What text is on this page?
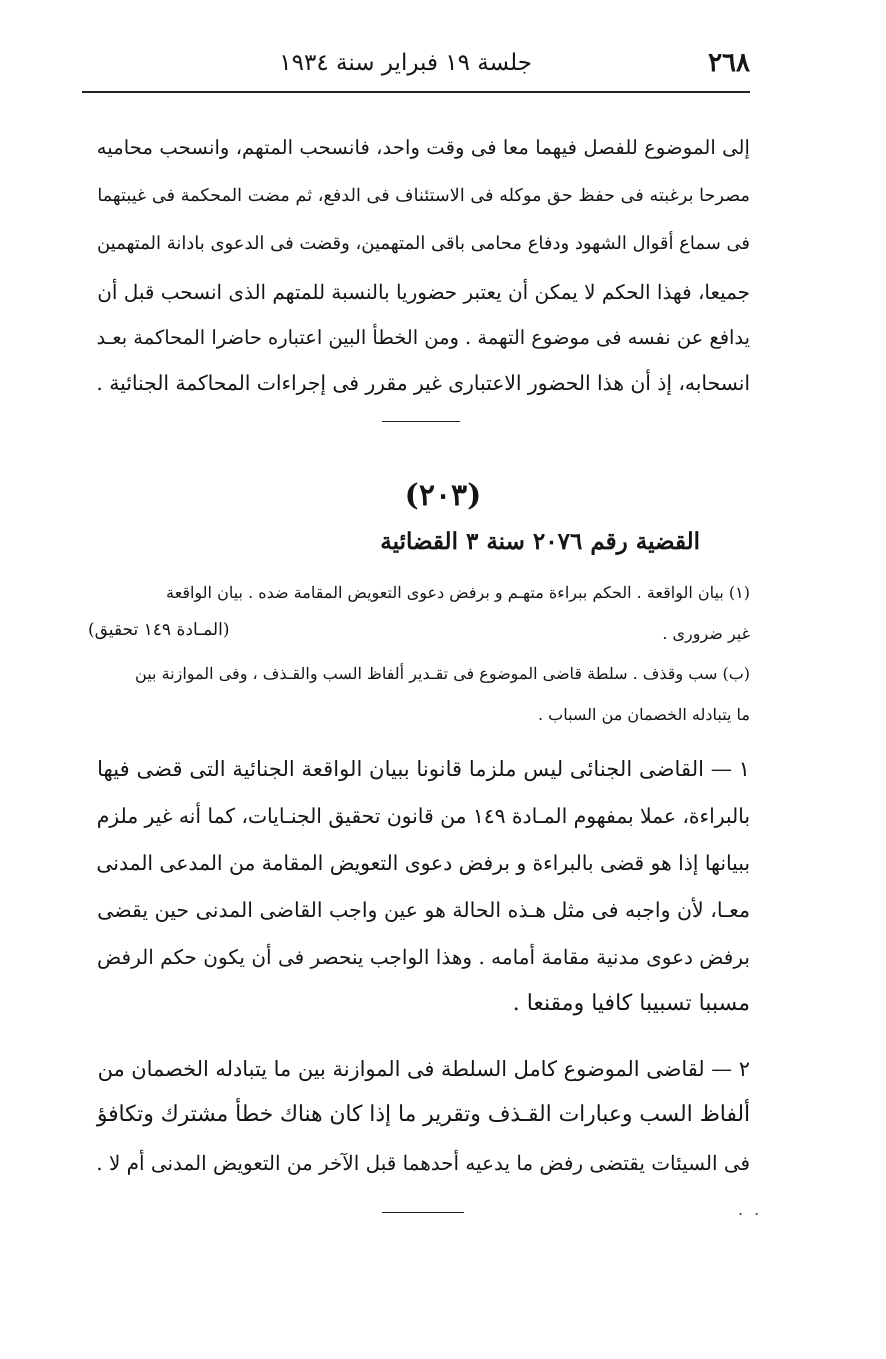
٢٦٨
جلسة ١٩ فبراير سنة ١٩٣٤
إلى الموضوع للفصل فيهما معا فى وقت واحد، فانسحب المتهم، وانسحب محاميه
مصرحا برغبته فى حفظ حق موكله فى الاستئناف فى الدفع، ثم مضت المحكمة فى غيبتهما
فى سماع أقوال الشهود ودفاع محامى باقى المتهمين، وقضت فى الدعوى بادانة المتهمين
جميعا، فهذا الحكم لا يمكن أن يعتبر حضوريا بالنسبة للمتهم الذى انسحب قبل أن
يدافع عن نفسه فى موضوع التهمة . ومن الخطأ البين اعتباره حاضرا المحاكمة بعـد
انسحابه، إذ أن هذا الحضور الاعتبارى غير مقرر فى إجراءات المحاكمة الجنائية .
(٢٠٣)
القضية رقم ٢٠٧٦ سنة ٣ القضائية
(١) بيان الواقعة . الحكم ببراءة متهـم و برفض دعوى التعويض المقامة ضده . بيان الواقعة
غير ضرورى .
(المـادة ١٤٩ تحقيق)
(ب) سب وقذف . سلطة قاضى الموضوع فى تقـدير ألفاظ السب والقـذف ، وفى الموازنة بين
ما يتبادله الخصمان من السباب .
١ — القاضى الجنائى ليس ملزما قانونا ببيان الواقعة الجنائية التى قضى فيها
بالبراءة، عملا بمفهوم المـادة ١٤٩ من قانون تحقيق الجنـايات، كما أنه غير ملزم
ببيانها إذا هو قضى بالبراءة و برفض دعوى التعويض المقامة من المدعى المدنى
معـا، لأن واجبه فى مثل هـذه الحالة هو عين واجب القاضى المدنى حين يقضى
برفض دعوى مدنية مقامة أمامه . وهذا الواجب ينحصر فى أن يكون حكم الرفض
مسببا تسبيبا كافيا ومقنعا .
٢ — لقاضى الموضوع كامل السلطة فى الموازنة بين ما يتبادله الخصمان من
ألفاظ السب وعبارات القـذف وتقرير ما إذا كان هناك خطأ مشترك وتكافؤ
فى السيئات يقتضى رفض ما يدعيه أحدهما قبل الآخر من التعويض المدنى أم لا .
. .
